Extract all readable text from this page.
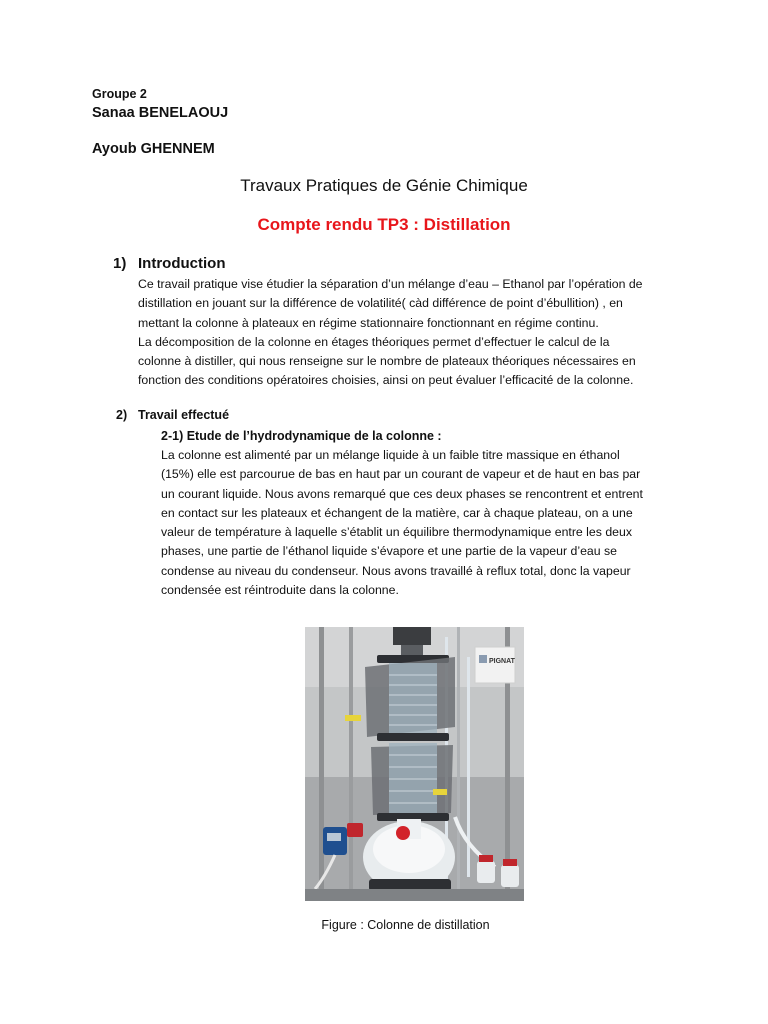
Groupe 2
Sanaa BENELAOUJ
Ayoub GHENNEM
Travaux Pratiques de Génie Chimique
Compte rendu TP3 : Distillation
1) Introduction

Ce travail pratique vise étudier la séparation d’un mélange d’eau – Ethanol par l’opération de
distillation en jouant sur la différence de volatilité( càd différence de point d’ébullition) , en
mettant la colonne à plateaux en régime stationnaire fonctionnant en régime continu.
La décomposition de la colonne en étages théoriques permet d’effectuer le calcul de la
colonne à distiller, qui nous renseigne sur le nombre de plateaux théoriques nécessaires en
fonction des conditions opératoires choisies, ainsi on peut évaluer l’efficacité de la colonne.

2) Travail effectué
2-1) Etude de l’hydrodynamique de la colonne :

La colonne est alimenté par un mélange liquide à un faible titre massique en éthanol
(15%) elle est parcourue de bas en haut par un courant de vapeur et de haut en bas par
un courant liquide. Nous avons remarqué que ces deux phases se rencontrent et entrent
en contact sur les plateaux et échangent de la matière, car à chaque plateau, on a une
valeur de température à laquelle s’établit un équilibre thermodynamique entre les deux
phases, une partie de l’éthanol liquide s’évapore et une partie de la vapeur d’eau se
condense au niveau du condenseur. Nous avons travaillé à reflux total, donc la vapeur
condensée est réintroduite dans la colonne.

PIGNAT
Figure : Colonne de distillation
